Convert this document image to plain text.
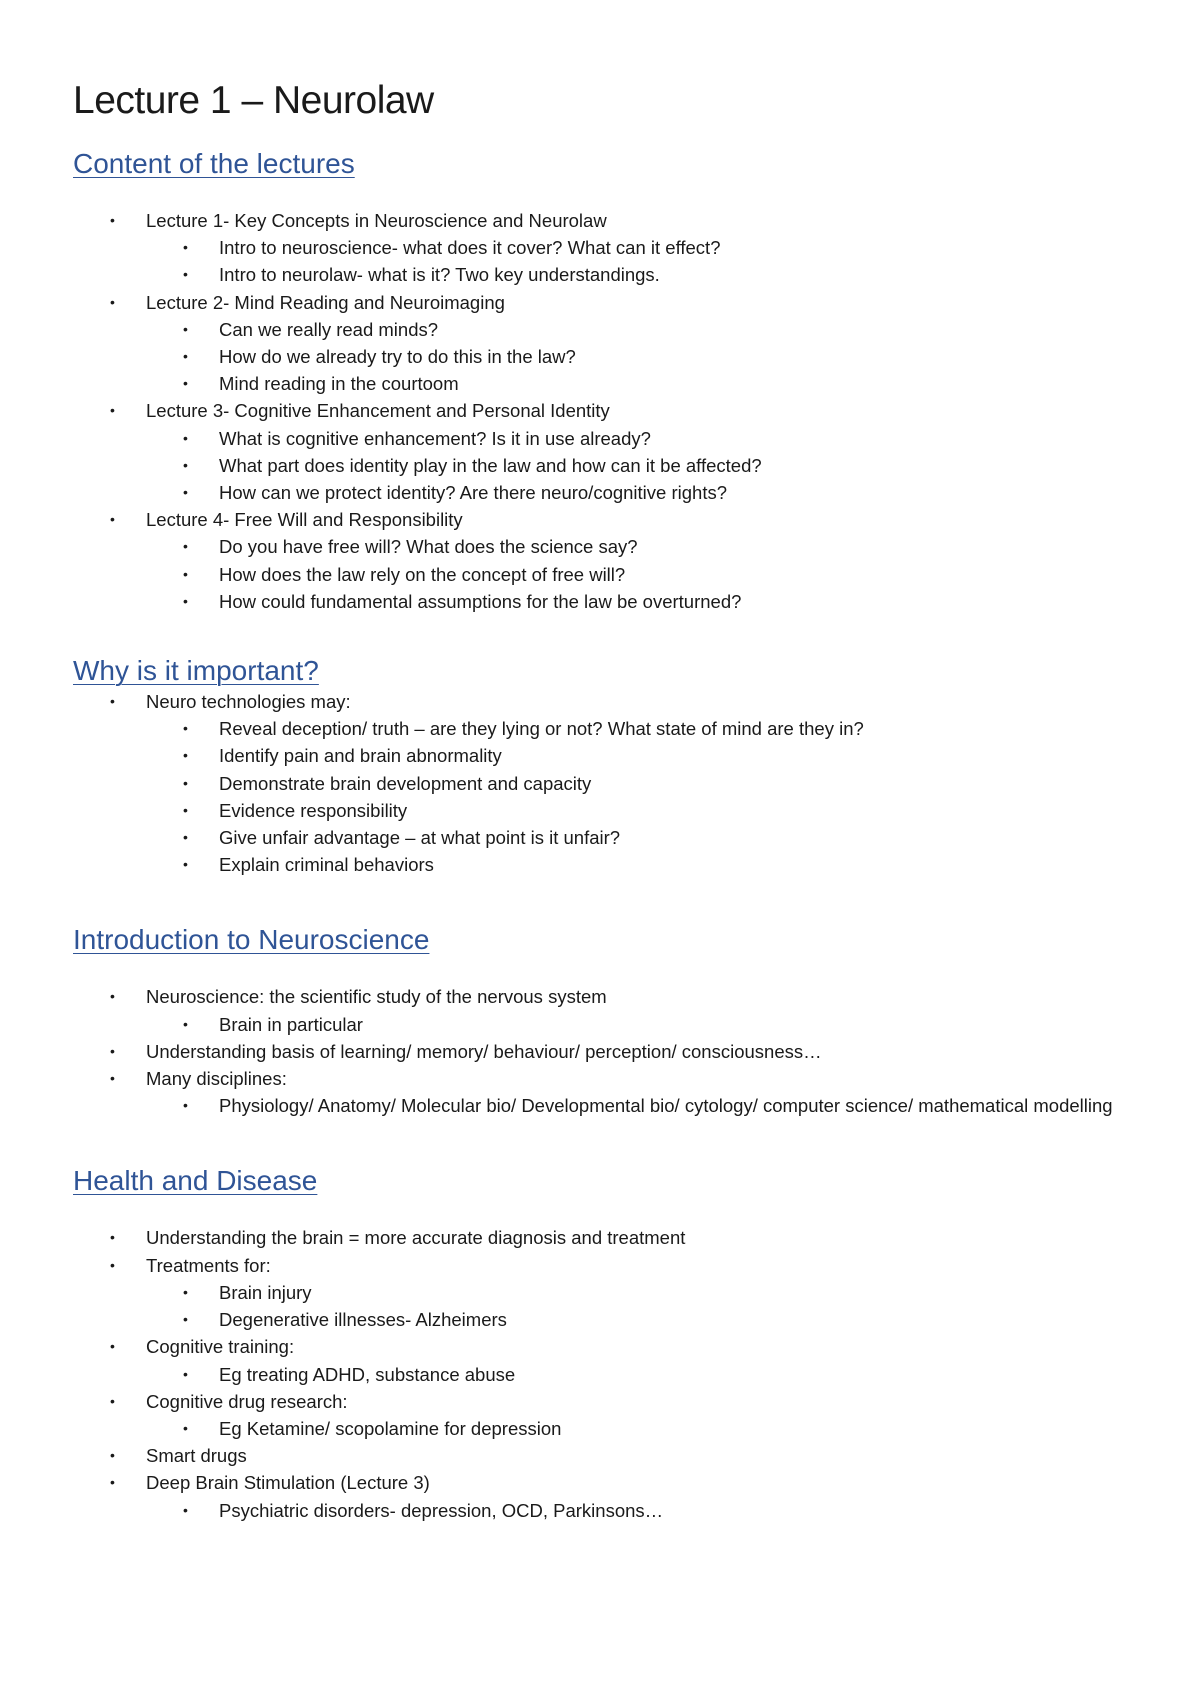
Lecture 1 – Neurolaw
Content of the lectures
• Lecture 1- Key Concepts in Neuroscience and Neurolaw
• Intro to neuroscience- what does it cover? What can it effect?
• Intro to neurolaw- what is it? Two key understandings.
• Lecture 2- Mind Reading and Neuroimaging
• Can we really read minds?
• How do we already try to do this in the law?
• Mind reading in the courtoom
• Lecture 3- Cognitive Enhancement and Personal Identity
• What is cognitive enhancement? Is it in use already?
• What part does identity play in the law and how can it be affected?
• How can we protect identity? Are there neuro/cognitive rights?
• Lecture 4- Free Will and Responsibility
• Do you have free will? What does the science say?
• How does the law rely on the concept of free will?
• How could fundamental assumptions for the law be overturned?
Why is it important?
• Neuro technologies may:
• Reveal deception/ truth – are they lying or not? What state of mind are they in?
• Identify pain and brain abnormality
• Demonstrate brain development and capacity
• Evidence responsibility
• Give unfair advantage – at what point is it unfair?
• Explain criminal behaviors
Introduction to Neuroscience
• Neuroscience: the scientific study of the nervous system
• Brain in particular
• Understanding basis of learning/ memory/ behaviour/ perception/ consciousness…
• Many disciplines:
• Physiology/ Anatomy/ Molecular bio/ Developmental bio/ cytology/ computer science/ mathematical modelling
Health and Disease
• Understanding the brain = more accurate diagnosis and treatment
• Treatments for:
• Brain injury
• Degenerative illnesses- Alzheimers
• Cognitive training:
• Eg treating ADHD, substance abuse
• Cognitive drug research:
• Eg Ketamine/ scopolamine for depression
• Smart drugs
• Deep Brain Stimulation (Lecture 3)
• Psychiatric disorders- depression, OCD, Parkinsons…
